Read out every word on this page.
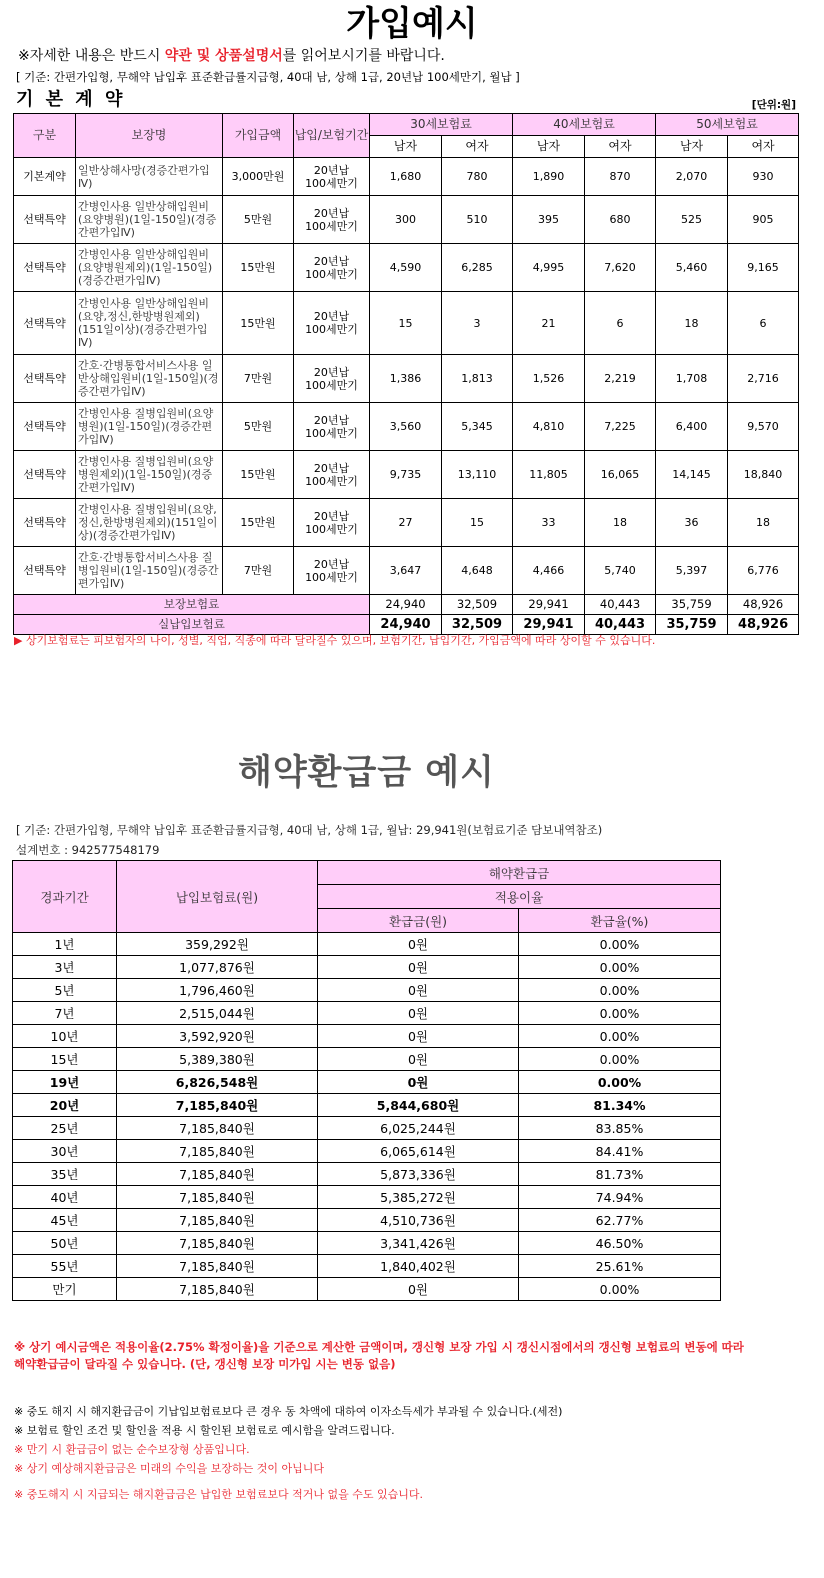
가입예시
※자세한 내용은 반드시 약관 및 상품설명서를 읽어보시기를 바랍니다.
[ 기준: 간편가입형, 무해약 납입후 표준환급률지급형, 40대 남, 상해 1급, 20년납 100세만기, 월납 ]
기 본 계 약	[단위:원]
구분	보장명	가입금액	납입/보험기간	30세보험료		40세보험료		50세보험료	
				남자	여자	남자	여자	남자	여자
기본계약	일반상해사망(경증간편가입Ⅳ)	3,000만원	20년납
100세만기	1,680	780	1,890	870	2,070	930
선택특약	간병인사용 일반상해입원비(요양병원)(1일-150일)(경증간편가입Ⅳ)	5만원	20년납
100세만기	300	510	395	680	525	905
선택특약	간병인사용 일반상해입원비(요양병원제외)(1일-150일)(경증간편가입Ⅳ)	15만원	20년납
100세만기	4,590	6,285	4,995	7,620	5,460	9,165
선택특약	간병인사용 일반상해입원비(요양,정신,한방병원제외)(151일이상)(경증간편가입Ⅳ)	15만원	20년납
100세만기	15	3	21	6	18	6
선택특약	간호·간병통합서비스사용 일반상해입원비(1일-150일)(경증간편가입Ⅳ)	7만원	20년납
100세만기	1,386	1,813	1,526	2,219	1,708	2,716
선택특약	간병인사용 질병입원비(요양병원)(1일-150일)(경증간편가입Ⅳ)	5만원	20년납
100세만기	3,560	5,345	4,810	7,225	6,400	9,570
선택특약	간병인사용 질병입원비(요양병원제외)(1일-150일)(경증간편가입Ⅳ)	15만원	20년납
100세만기	9,735	13,110	11,805	16,065	14,145	18,840
선택특약	간병인사용 질병입원비(요양,정신,한방병원제외)(151일이상)(경증간편가입Ⅳ)	15만원	20년납
100세만기	27	15	33	18	36	18
선택특약	간호·간병통합서비스사용 질병입원비(1일-150일)(경증간편가입Ⅳ)	7만원	20년납
100세만기	3,647	4,648	4,466	5,740	5,397	6,776
보장보험료				24,940	32,509	29,941	40,443	35,759	48,926
실납입보험료				24,940	32,509	29,941	40,443	35,759	48,926
▶ 상기보험료는 피보험자의 나이, 성별, 직업, 직종에 따라 달라질수 있으며, 보험기간, 납입기간, 가입금액에 따라 상이할 수 있습니다.
해약환급금 예시
[ 기준: 간편가입형, 무해약 납입후 표준환급률지급형, 40대 남, 상해 1급, 월납: 29,941원(보험료기준 담보내역참조)
설계번호 : 942577548179
경과기간	납입보험료(원)	해약환급금	
		적용이율	
		환급금(원)	환급율(%)
1년	359,292원	0원	0.00%
3년	1,077,876원	0원	0.00%
5년	1,796,460원	0원	0.00%
7년	2,515,044원	0원	0.00%
10년	3,592,920원	0원	0.00%
15년	5,389,380원	0원	0.00%
19년	6,826,548원	0원	0.00%
20년	7,185,840원	5,844,680원	81.34%
25년	7,185,840원	6,025,244원	83.85%
30년	7,185,840원	6,065,614원	84.41%
35년	7,185,840원	5,873,336원	81.73%
40년	7,185,840원	5,385,272원	74.94%
45년	7,185,840원	4,510,736원	62.77%
50년	7,185,840원	3,341,426원	46.50%
55년	7,185,840원	1,840,402원	25.61%
만기	7,185,840원	0원	0.00%
※ 상기 예시금액은 적용이율(2.75% 확정이율)을 기준으로 계산한 금액이며, 갱신형 보장 가입 시 갱신시점에서의 갱신형 보험료의 변동에 따라
해약환급금이 달라질 수 있습니다. (단, 갱신형 보장 미가입 시는 변동 없음)
※ 중도 해지 시 해지환급금이 기납입보험료보다 큰 경우 동 차액에 대하여 이자소득세가 부과될 수 있습니다.(세전)
※ 보험료 할인 조건 및 할인율 적용 시 할인된 보험료로 예시함을 알려드립니다.
※ 만기 시 환급금이 없는 순수보장형 상품입니다.
※ 상기 예상해지환급금은 미래의 수익을 보장하는 것이 아닙니다
※ 중도해지 시 지급되는 해지환급금은 납입한 보험료보다 적거나 없을 수도 있습니다.
